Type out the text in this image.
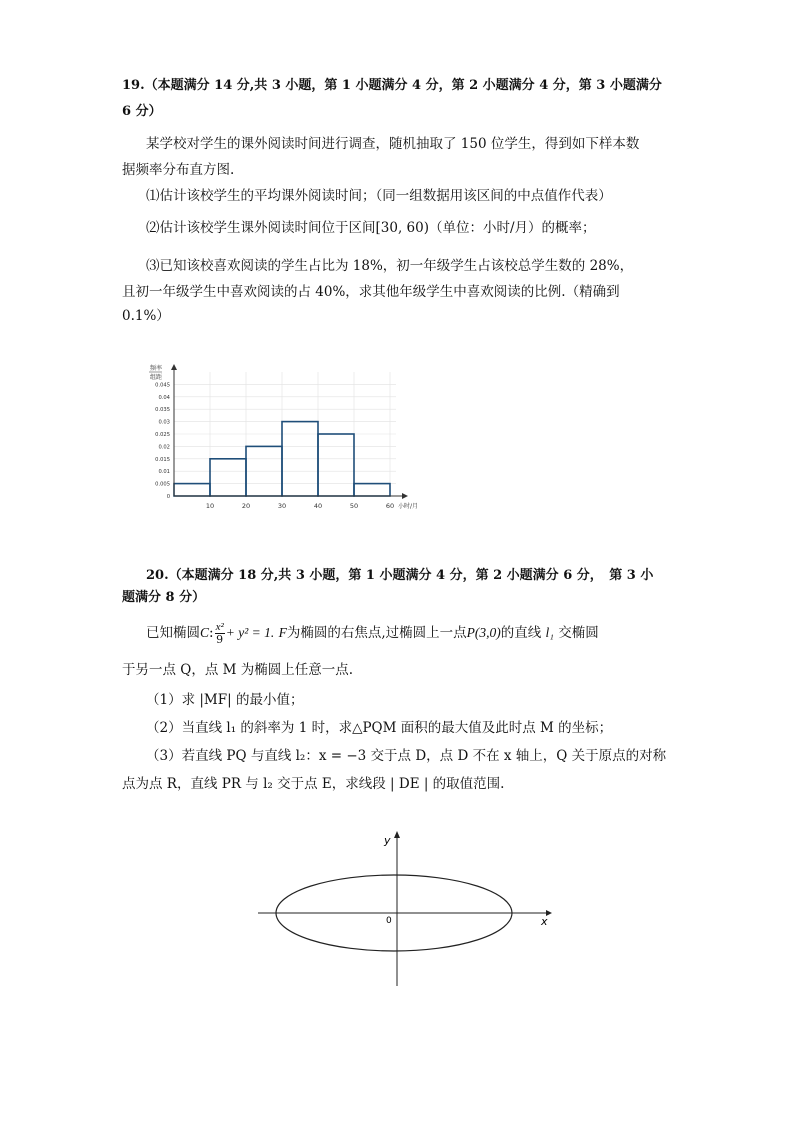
19.（本题满分 14 分,共 3 小题，第 1 小题满分 4 分，第 2 小题满分 4 分，第 3 小题满分
6 分）
某学校对学生的课外阅读时间进行调查，随机抽取了 150 位学生，得到如下样本数
据频率分布直方图.
⑴估计该校学生的平均课外阅读时间；（同一组数据用该区间的中点值作代表）
⑵估计该校学生课外阅读时间位于区间[30, 60)（单位：小时/月）的概率；
⑶已知该校喜欢阅读的学生占比为 18%，初一年级学生占该校总学生数的 28%，
且初一年级学生中喜欢阅读的占 40%，求其他年级学生中喜欢阅读的比例.（精确到
0.1%）
0
0.005
0.01
0.015
0.02
0.025
0.03
0.035
0.04
0.045
10	20	30	40	50	60 小时/月
频率
组距
20.（本题满分 18 分,共 3 小题，第 1 小题满分 4 分，第 2 小题满分 6 分，　第 3 小
题满分 8 分）
已知椭圆C: $\frac{\text{x²}}{9} + y^2 = 1$. F为椭圆的右焦点,过椭圆上一点P(3,0)的直线 l₁ 交椭圆
于另一点 Q，点 M 为椭圆上任意一点.
（1）求 |MF| 的最小值；
（2）当直线 l₁ 的斜率为 1 时，求△PQM 面积的最大值及此时点 M 的坐标；
（3）若直线 PQ 与直线 l₂：x = −3 交于点 D，点 D 不在 x 轴上，Q 关于原点的对称
点为点 R，直线 PR 与 l₂ 交于点 E，求线段 | DE | 的取值范围.
x
y
0
